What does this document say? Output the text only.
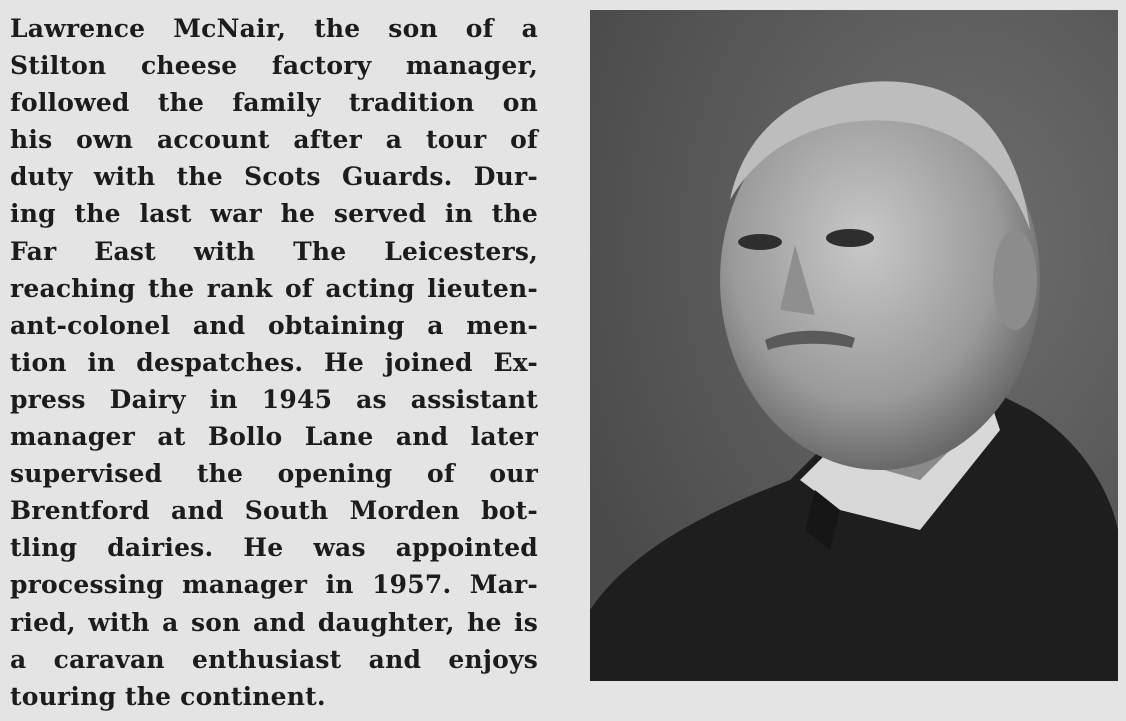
Lawrence McNair, the son of a
Stilton cheese factory manager,
followed the family tradition on
his own account after a tour of
duty with the Scots Guards. Dur-
ing the last war he served in the
Far East with The Leicesters,
reaching the rank of acting lieuten-
ant-colonel and obtaining a men-
tion in despatches. He joined Ex-
press Dairy in 1945 as assistant
manager at Bollo Lane and later
supervised the opening of our
Brentford and South Morden bot-
tling dairies. He was appointed
processing manager in 1957. Mar-
ried, with a son and daughter, he is
a caravan enthusiast and enjoys
touring the continent.
